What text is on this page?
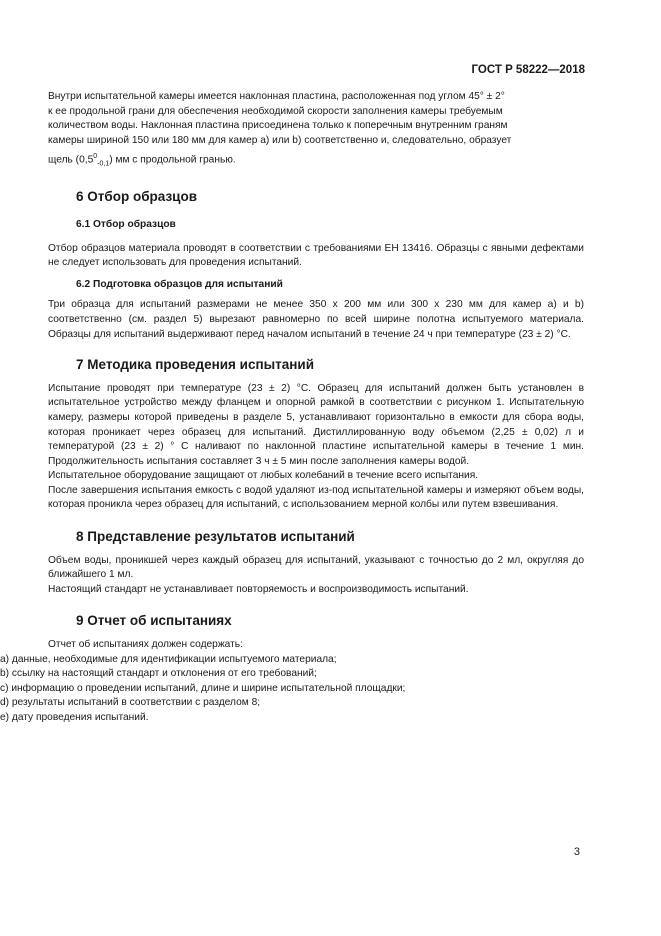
ГОСТ Р 58222—2018
Внутри испытательной камеры имеется наклонная пластина, расположенная под углом 45° ± 2°
к ее продольной грани для обеспечения необходимой скорости заполнения камеры требуемым
количеством воды. Наклонная пластина присоединена только к поперечным внутренним граням
камеры шириной 150 или 180 мм для камер a) или b) соответственно и, следовательно, образует
щель $(0,5^0_{-0,1})$ мм с продольной гранью.
6 Отбор образцов
6.1 Отбор образцов

Отбор образцов материала проводят в соответствии с требованиями ЕН 13416. Образцы с явными дефектами не следует использовать для проведения испытаний.

6.2 Подготовка образцов для испытаний

Три образца для испытаний размерами не менее 350 x 200 мм или 300 x 230 мм для камер a) и b) соответственно (см. раздел 5) вырезают равномерно по всей ширине полотна испытуемого материала. Образцы для испытаний выдерживают перед началом испытаний в течение 24 ч при температуре (23 ± 2) °С.

7 Методика проведения испытаний

Испытание проводят при температуре (23 ± 2) °С. Образец для испытаний должен быть установлен в испытательное устройство между фланцем и опорной рамкой в соответствии с рисунком 1. Испытательную камеру, размеры которой приведены в разделе 5, устанавливают горизонтально в емкости для сбора воды, которая проникает через образец для испытаний. Дистиллированную воду объемом (2,25 ± 0,02) л и температурой (23 ± 2) ° С наливают по наклонной пластине испытательной камеры в течение 1 мин. Продолжительность испытания составляет 3 ч ± 5 мин после заполнения камеры водой.

Испытательное оборудование защищают от любых колебаний в течение всего испытания.

После завершения испытания емкость с водой удаляют из-под испытательной камеры и измеряют объем воды, которая проникла через образец для испытаний, с использованием мерной колбы или путем взвешивания.

8 Представление результатов испытаний

Объем воды, проникшей через каждый образец для испытаний, указывают с точностью до 2 мл, округляя до ближайшего 1 мл.

Настоящий стандарт не устанавливает повторяемость и воспроизводимость испытаний.

9 Отчет об испытаниях

Отчет об испытаниях должен содержать:

a) данные, необходимые для идентификации испытуемого материала;

b) ссылку на настоящий стандарт и отклонения от его требований;

c) информацию о проведении испытаний, длине и ширине испытательной площадки;

d) результаты испытаний в соответствии с разделом 8;

e) дату проведения испытаний.

3
